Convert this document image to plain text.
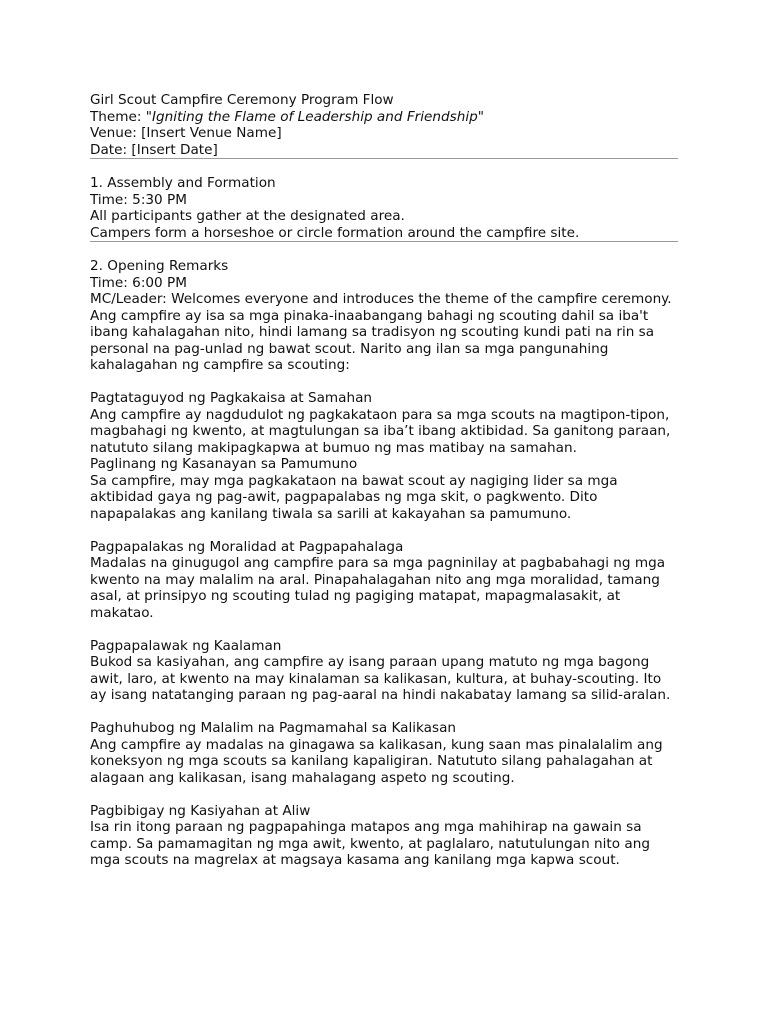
Girl Scout Campfire Ceremony Program Flow
Theme: "Igniting the Flame of Leadership and Friendship"
Venue: [Insert Venue Name]
Date: [Insert Date]
1. Assembly and Formation
Time: 5:30 PM
All participants gather at the designated area.
Campers form a horseshoe or circle formation around the campfire site.
2. Opening Remarks
Time: 6:00 PM

MC/Leader: Welcomes everyone and introduces the theme of the campfire ceremony.

Ang campfire ay isa sa mga pinaka-inaabangang bahagi ng scouting dahil sa iba't ibang kahalagahan nito, hindi lamang sa tradisyon ng scouting kundi pati na rin sa personal na pag-unlad ng bawat scout. Narito ang ilan sa mga pangunahing kahalagahan ng campfire sa scouting:

Pagtataguyod ng Pagkakaisa at Samahan

Ang campfire ay nagdudulot ng pagkakataon para sa mga scouts na magtipon-tipon, magbahagi ng kwento, at magtulungan sa iba’t ibang aktibidad. Sa ganitong paraan, natututo silang makipagkapwa at bumuo ng mas matibay na samahan.

Paglinang ng Kasanayan sa Pamumuno

Sa campfire, may mga pagkakataon na bawat scout ay nagiging lider sa mga aktibidad gaya ng pag-awit, pagpapalabas ng mga skit, o pagkwento. Dito napapalakas ang kanilang tiwala sa sarili at kakayahan sa pamumuno.

Pagpapalakas ng Moralidad at Pagpapahalaga

Madalas na ginugugol ang campfire para sa mga pagninilay at pagbabahagi ng mga kwento na may malalim na aral. Pinapahalagahan nito ang mga moralidad, tamang asal, at prinsipyo ng scouting tulad ng pagiging matapat, mapagmalasakit, at makatao.

Pagpapalawak ng Kaalaman

Bukod sa kasiyahan, ang campfire ay isang paraan upang matuto ng mga bagong awit, laro, at kwento na may kinalaman sa kalikasan, kultura, at buhay-scouting. Ito ay isang natatanging paraan ng pag-aaral na hindi nakabatay lamang sa silid-aralan.

Paghuhubog ng Malalim na Pagmamahal sa Kalikasan

Ang campfire ay madalas na ginagawa sa kalikasan, kung saan mas pinalalalim ang koneksyon ng mga scouts sa kanilang kapaligiran. Natututo silang pahalagahan at alagaan ang kalikasan, isang mahalagang aspeto ng scouting.

Pagbibigay ng Kasiyahan at Aliw

Isa rin itong paraan ng pagpapahinga matapos ang mga mahihirap na gawain sa camp. Sa pamamagitan ng mga awit, kwento, at paglalaro, natutulungan nito ang mga scouts na magrelax at magsaya kasama ang kanilang mga kapwa scout.
